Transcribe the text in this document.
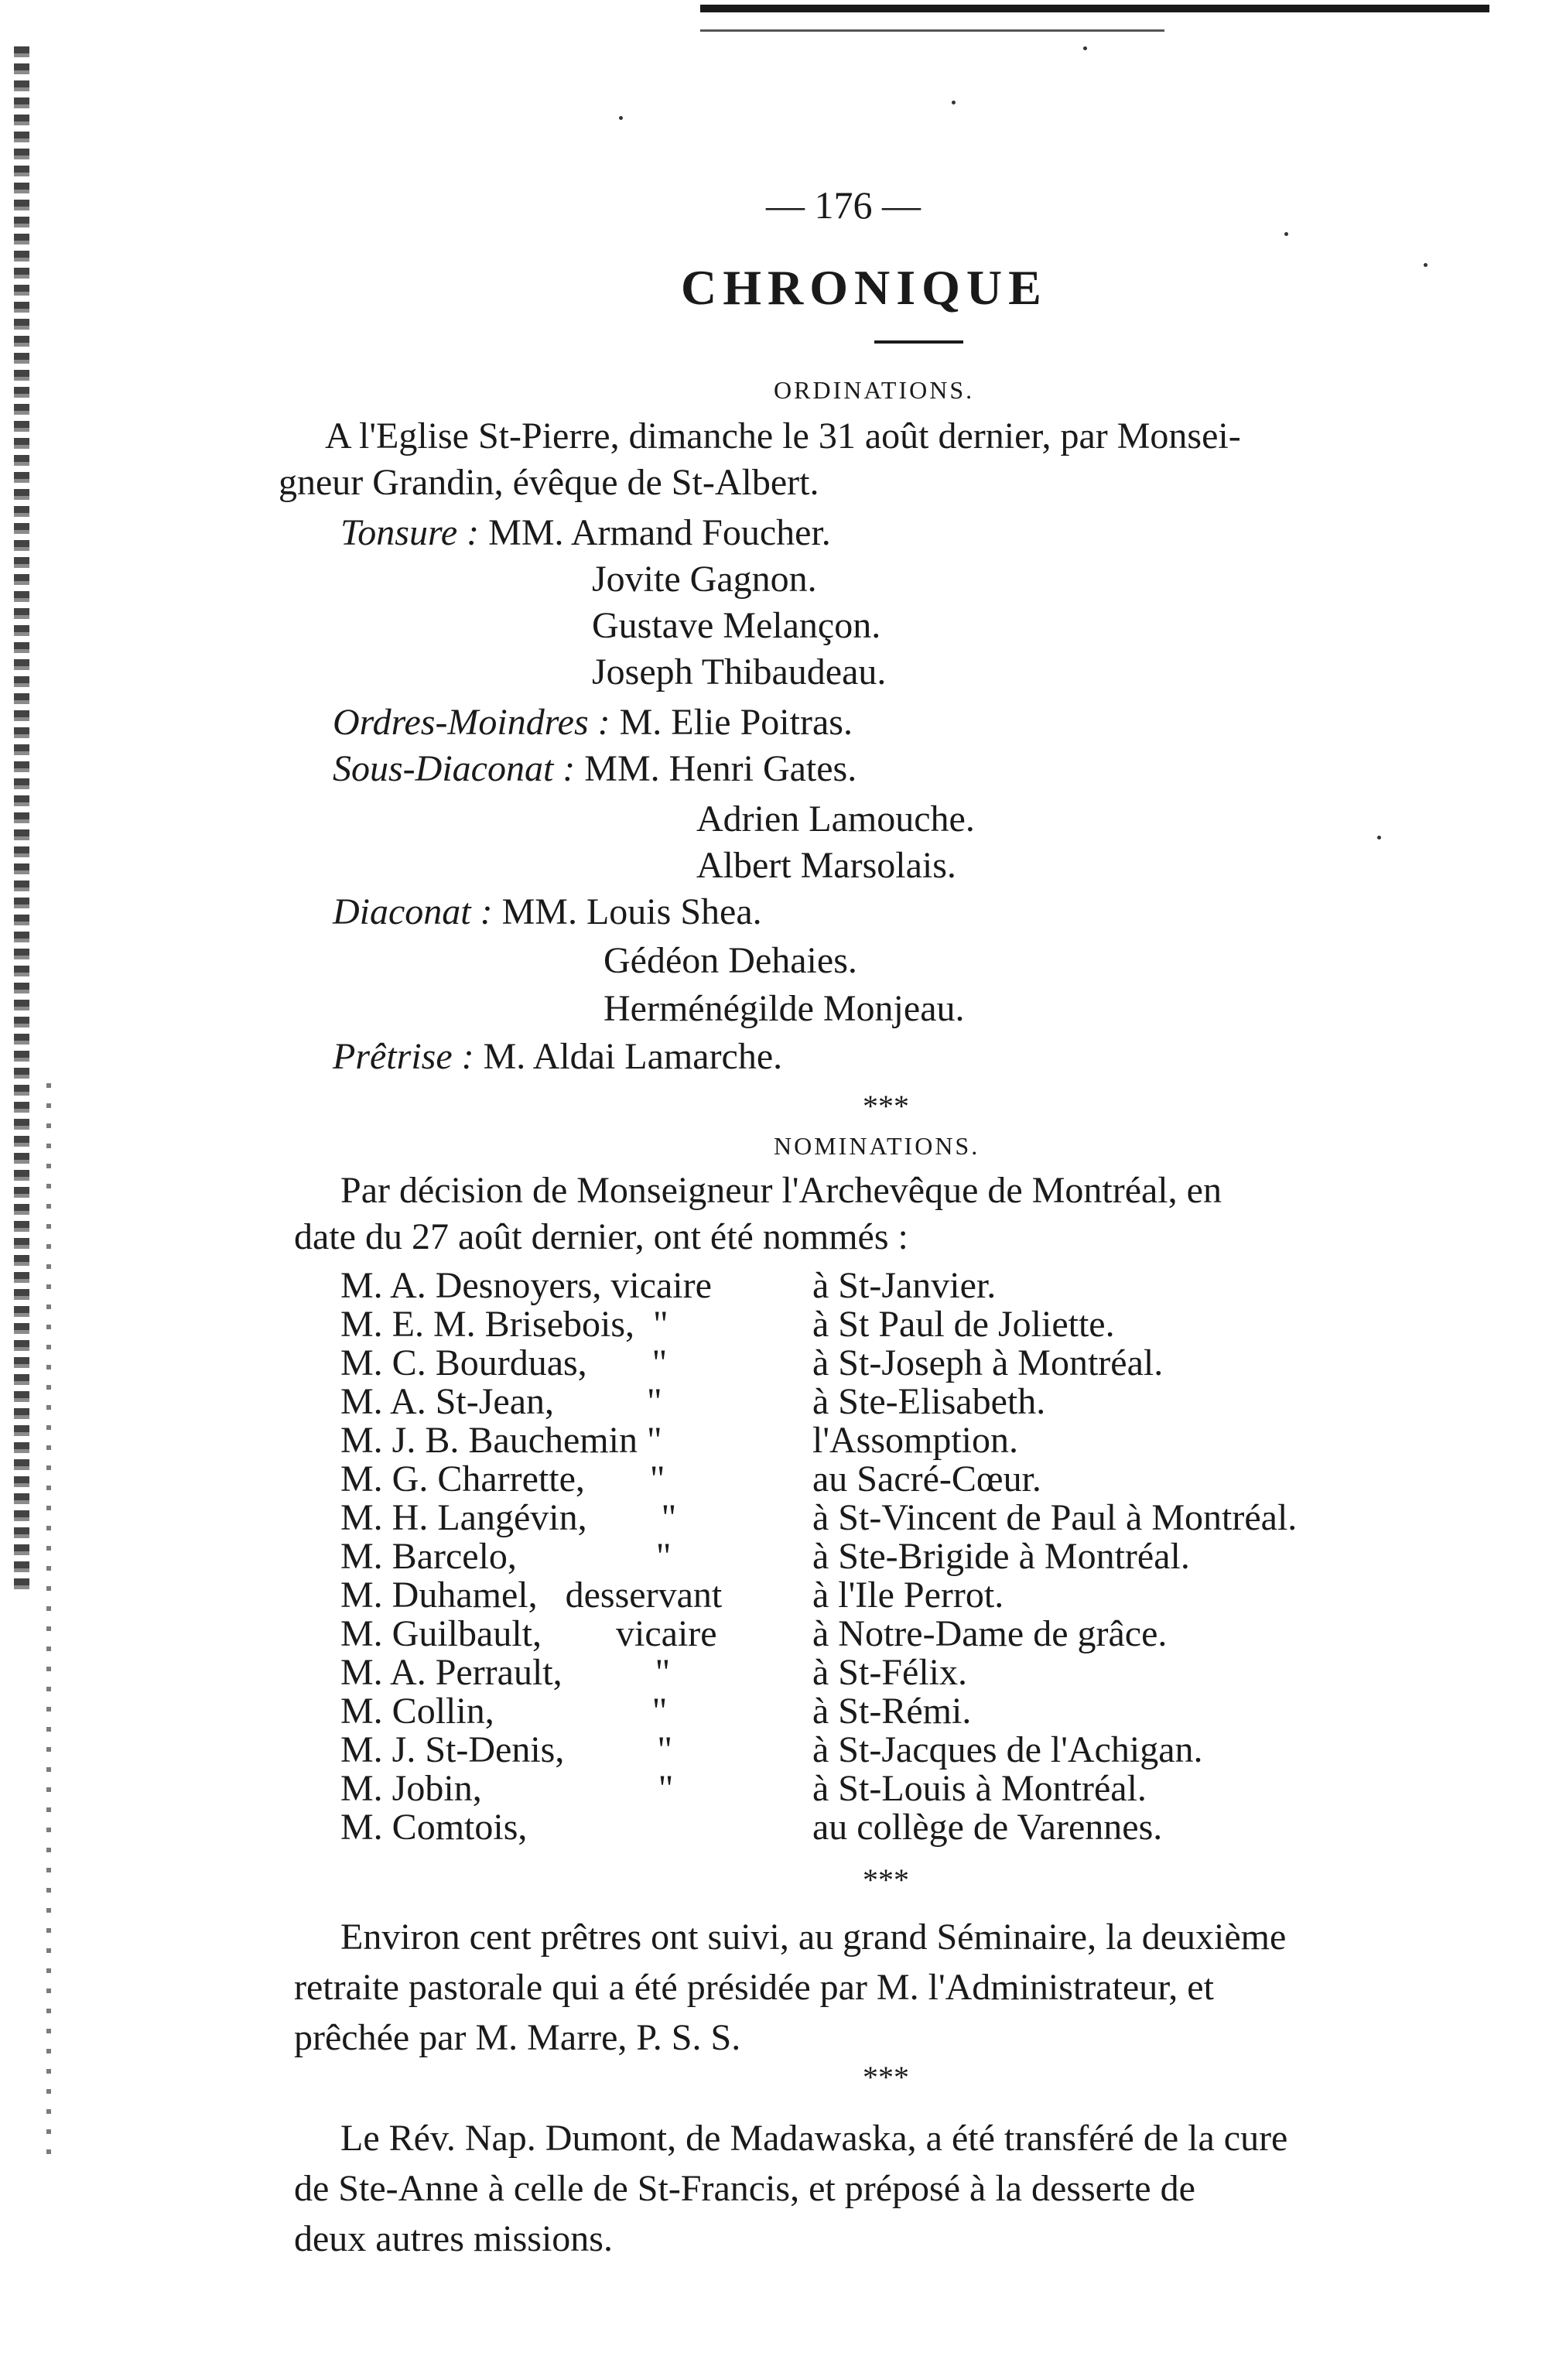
— 176 —
CHRONIQUE
ORDINATIONS.
A l'Eglise St-Pierre, dimanche le 31 août dernier, par Monsei-
gneur Grandin, évêque de St-Albert.
Tonsure : MM. Armand Foucher.
Jovite Gagnon.
Gustave Melançon.
Joseph Thibaudeau.
Ordres-Moindres : M. Elie Poitras.
Sous-Diaconat : MM. Henri Gates.
Adrien Lamouche.
Albert Marsolais.
Diaconat : MM. Louis Shea.
Gédéon Dehaies.
Herménégilde Monjeau.
Prêtrise : M. Aldai Lamarche.
***
NOMINATIONS.
Par décision de Monseigneur l'Archevêque de Montréal, en
date du 27 août dernier, ont été nommés :
M. A. Desnoyers, vicaire	à St-Janvier.
M. E. M. Brisebois,  "	à St Paul de Joliette.
M. C. Bourduas,       "	à St-Joseph à Montréal.
M. A. St-Jean,          "	à Ste-Elisabeth.
M. J. B. Bauchemin "	l'Assomption.
M. G. Charrette,       "	au Sacré-Cœur.
M. H. Langévin,        "	à St-Vincent de Paul à Montréal.
M. Barcelo,               "	à Ste-Brigide à Montréal.
M. Duhamel,   desservant à l'Ile Perrot.
M. Guilbault,        vicaire	à Notre-Dame de grâce.
M. A. Perrault,          "	à St-Félix.
M. Collin,                 "	à St-Rémi.
M. J. St-Denis,          "	à St-Jacques de l'Achigan.
M. Jobin,                   "	à St-Louis à Montréal.
M. Comtois,	au collège de Varennes.
***
Environ cent prêtres ont suivi, au grand Séminaire, la deuxième
retraite pastorale qui a été présidée par M. l'Administrateur, et
prêchée par M. Marre, P. S. S.
***
Le Rév. Nap. Dumont, de Madawaska, a été transféré de la cure
de Ste-Anne à celle de St-Francis, et préposé à la desserte de
deux autres missions.
